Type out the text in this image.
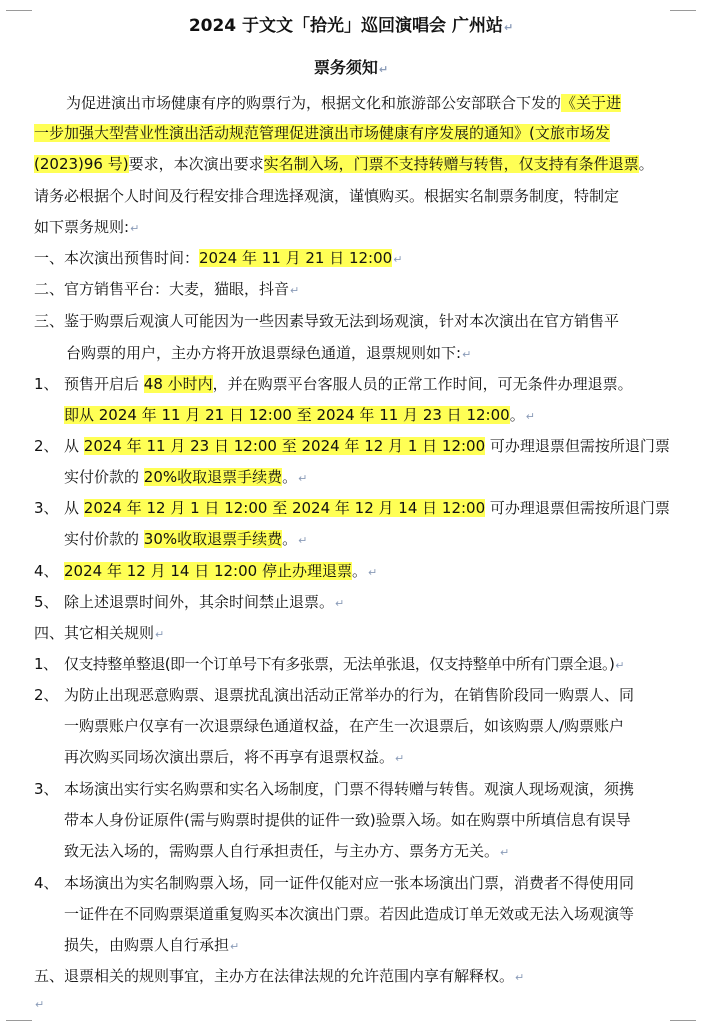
2024 于文文「拾光」巡回演唱会 广州站↵
票务须知↵
为促进演出市场健康有序的购票行为，根据文化和旅游部公安部联合下发的《关于进
一步加强大型营业性演出活动规范管理促进演出市场健康有序发展的通知》(文旅市场发
(2023)96 号)要求，本次演出要求实名制入场，门票不支持转赠与转售，仅支持有条件退票。
请务必根据个人时间及行程安排合理选择观演，谨慎购买。根据实名制票务制度，特制定
如下票务规则:↵
一、本次演出预售时间：2024 年 11 月 21 日 12:00↵
二、官方销售平台：大麦，猫眼，抖音↵
三、鉴于购票后观演人可能因为一些因素导致无法到场观演，针对本次演出在官方销售平
台购票的用户，主办方将开放退票绿色通道，退票规则如下:↵
1、 预售开启后 48 小时内，并在购票平台客服人员的正常工作时间，可无条件办理退票。
即从 2024 年 11 月 21 日 12:00 至 2024 年 11 月 23 日 12:00。↵
2、 从 2024 年 11 月 23 日 12:00 至 2024 年 12 月 1 日 12:00 可办理退票但需按所退门票
实付价款的 20%收取退票手续费。↵
3、 从 2024 年 12 月 1 日 12:00 至 2024 年 12 月 14 日 12:00 可办理退票但需按所退门票
实付价款的 30%收取退票手续费。↵
4、 2024 年 12 月 14 日 12:00 停止办理退票。↵
5、 除上述退票时间外，其余时间禁止退票。↵
四、其它相关规则↵
1、 仅支持整单整退(即一个订单号下有多张票，无法单张退，仅支持整单中所有门票全退。)↵
2、 为防止出现恶意购票、退票扰乱演出活动正常举办的行为，在销售阶段同一购票人、同
一购票账户仅享有一次退票绿色通道权益，在产生一次退票后，如该购票人/购票账户
再次购买同场次演出票后，将不再享有退票权益。↵
3、 本场演出实行实名购票和实名入场制度，门票不得转赠与转售。观演人现场观演，须携
带本人身份证原件(需与购票时提供的证件一致)验票入场。如在购票中所填信息有误导
致无法入场的，需购票人自行承担责任，与主办方、票务方无关。↵
4、 本场演出为实名制购票入场，同一证件仅能对应一张本场演出门票，消费者不得使用同
一证件在不同购票渠道重复购买本次演出门票。若因此造成订单无效或无法入场观演等
损失，由购票人自行承担↵
五、退票相关的规则事宜，主办方在法律法规的允许范围内享有解释权。↵
↵
